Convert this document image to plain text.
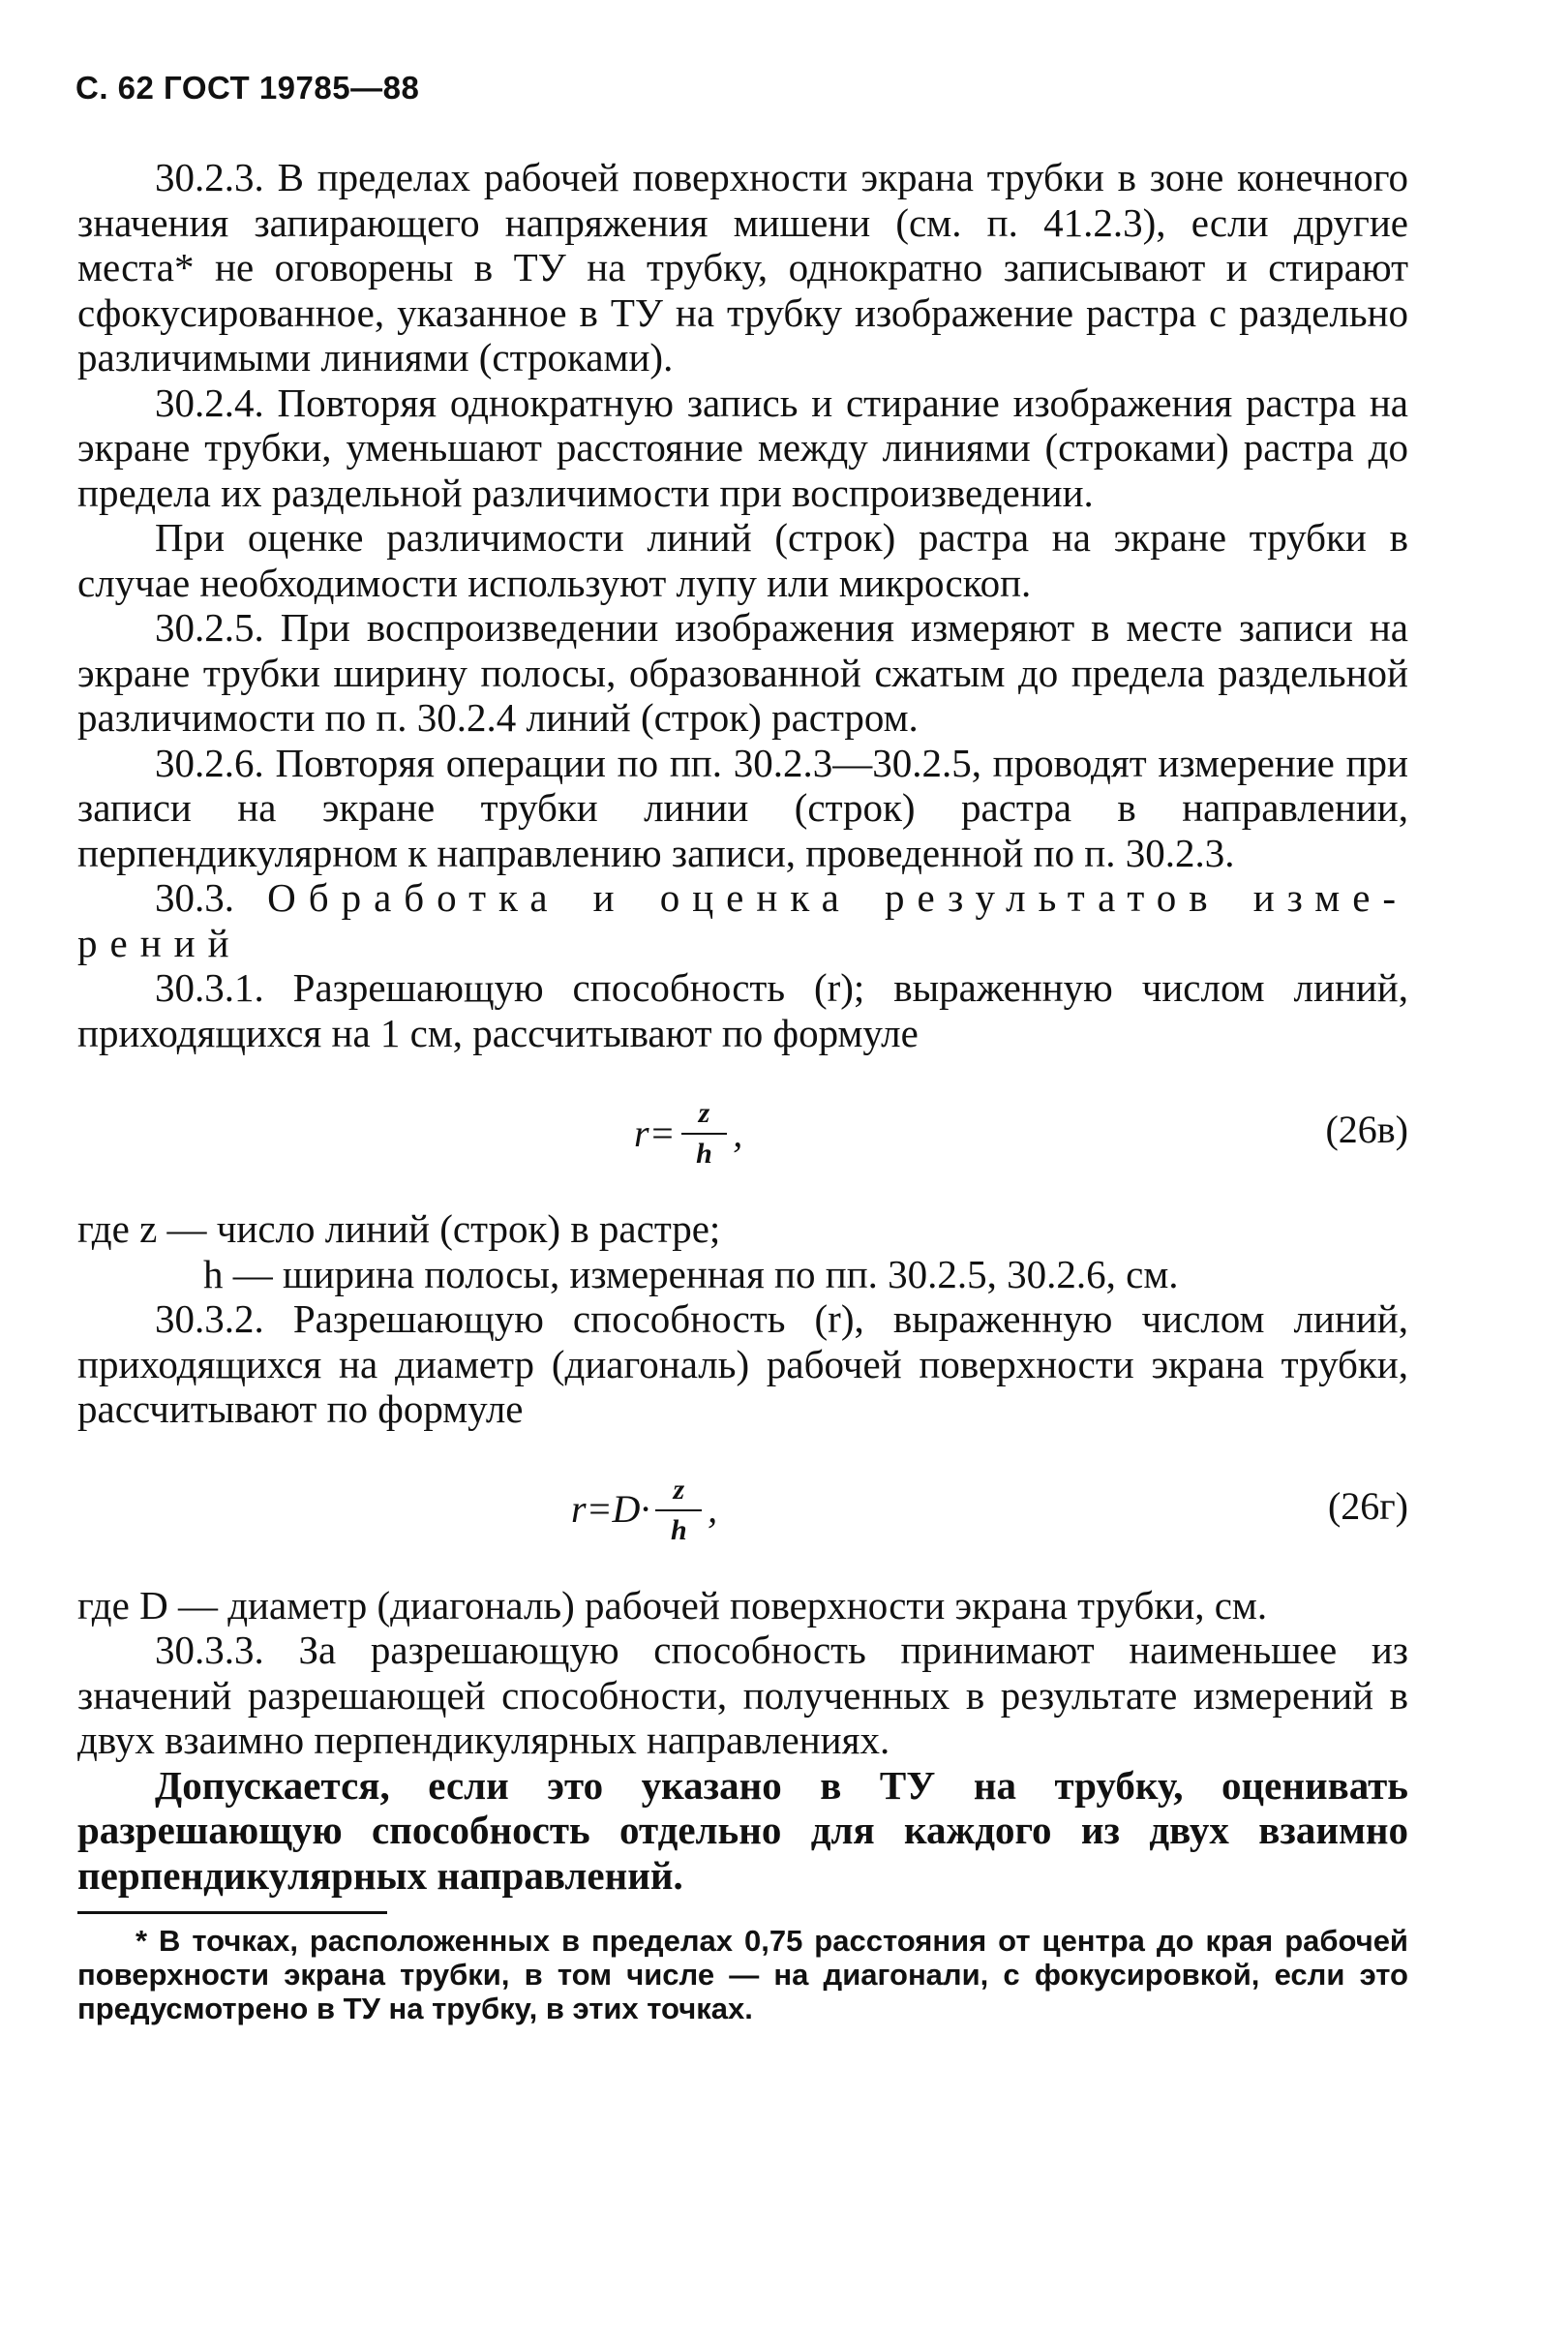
С. 62 ГОСТ 19785—88

30.2.3. В пределах рабочей поверхности экрана трубки в зоне конечного значения запирающего напряжения мишени (см. п. 41.2.3), если другие места* не оговорены в ТУ на трубку, однократно записывают и стирают сфокусированное, указанное в ТУ на трубку изображение растра с раздельно различимыми линиями (строками).

30.2.4. Повторяя однократную запись и стирание изображения растра на экране трубки, уменьшают расстояние между линиями (строками) растра до предела их раздельной различимости при воспроизведении.

При оценке различимости линий (строк) растра на экране трубки в случае необходимости используют лупу или микроскоп.

30.2.5. При воспроизведении изображения измеряют в месте записи на экране трубки ширину полосы, образованной сжатым до предела раздельной различимости по п. 30.2.4 линий (строк) растром.

30.2.6. Повторяя операции по пп. 30.2.3—30.2.5, проводят измерение при записи на экране трубки линии (строк) растра в направлении, перпендикулярном к направлению записи, проведенной по п. 30.2.3.

30.3. Обработка и оценка результатов изме-

рений

30.3.1. Разрешающую способность (r); выраженную числом линий, приходящихся на 1 см, рассчитывают по формуле

$r= \frac{z}{h}$ ,	(26в)

где z — число линий (строк) в растре;

h — ширина полосы, измеренная по пп. 30.2.5, 30.2.6, см.

30.3.2. Разрешающую способность (r), выраженную числом линий, приходящихся на диаметр (диагональ) рабочей поверхности экрана трубки, рассчитывают по формуле

$r=D\cdot \frac{z}{h}$ ,	(26г)

где D — диаметр (диагональ) рабочей поверхности экрана трубки, см.

30.3.3. За разрешающую способность принимают наименьшее из значений разрешающей способности, полученных в результате измерений в двух взаимно перпендикулярных направлениях.

Допускается, если это указано в ТУ на трубку, оценивать разрешающую способность отдельно для каждого из двух взаимно перпендикулярных направлений.

* В точках, расположенных в пределах 0,75 расстояния от центра до края рабочей поверхности экрана трубки, в том числе — на диагонали, с фокусировкой, если это предусмотрено в ТУ на трубку, в этих точках.
